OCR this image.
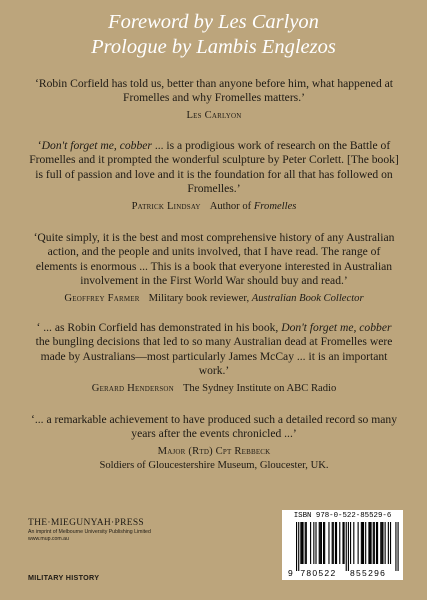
Foreword by Les Carlyon
Prologue by Lambis Englezos

‘Robin Corfield has told us, better than anyone before him, what happened at Fromelles and why Fromelles matters.’

Les Carlyon

‘Don't forget me, cobber ... is a prodigious work of research on the Battle of Fromelles and it prompted the wonderful sculpture by Peter Corlett. [The book] is full of passion and love and it is the foundation for all that has followed on Fromelles.’

Patrick Lindsay Author of Fromelles

‘Quite simply, it is the best and most comprehensive history of any Australian action, and the people and units involved, that I have read. The range of elements is enormous ... This is a book that everyone interested in Australian involvement in the First World War should buy and read.’

Geoffrey Farmer Military book reviewer, Australian Book Collector

‘ ... as Robin Corfield has demonstrated in his book, Don't forget me, cobber the bungling decisions that led to so many Australian dead at Fromelles were made by Australians—most particularly James McCay ... it is an important work.’

Gerard Henderson The Sydney Institute on ABC Radio

‘... a remarkable achievement to have produced such a detailed record so many years after the events chronicled ...’

Major (Rtd) Cpt Rebbeck
Soldiers of Gloucestershire Museum, Gloucester, UK.
THE·MIEGUNYAH·PRESS
An imprint of Melbourne University Publishing Limited
www.mup.com.au
MILITARY HISTORY
ISBN 978-0-522-85529-6
9 780522 855296
